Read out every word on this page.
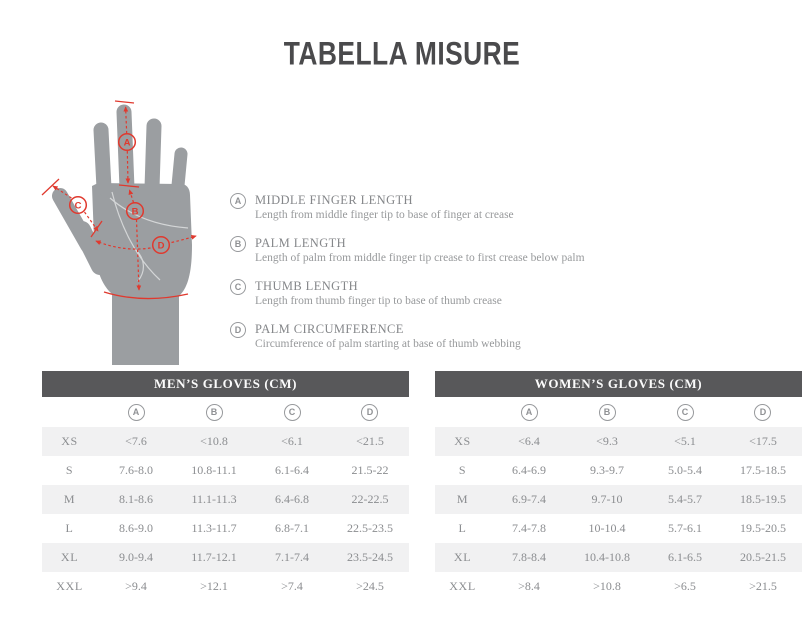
TABELLA MISURE
A
B
C
D
A	MIDDLE FINGER LENGTH
Length from middle finger tip to base of finger at crease
B	PALM LENGTH
Length of palm from middle finger tip crease to first crease below palm
C	THUMB LENGTH
Length from thumb finger tip to base of thumb crease
D	PALM CIRCUMFERENCE
Circumference of palm starting at base of thumb webbing
MEN’S GLOVES (CM)
A	B	C	D
XS	<7.6	<10.8	<6.1	<21.5
S	7.6-8.0	10.8-11.1	6.1-6.4	21.5-22
M	8.1-8.6	11.1-11.3	6.4-6.8	22-22.5
L	8.6-9.0	11.3-11.7	6.8-7.1	22.5-23.5
XL	9.0-9.4	11.7-12.1	7.1-7.4	23.5-24.5
XXL	>9.4	>12.1	>7.4	>24.5
WOMEN’S GLOVES (CM)
A	B	C	D
XS	<6.4	<9.3	<5.1	<17.5
S	6.4-6.9	9.3-9.7	5.0-5.4	17.5-18.5
M	6.9-7.4	9.7-10	5.4-5.7	18.5-19.5
L	7.4-7.8	10-10.4	5.7-6.1	19.5-20.5
XL	7.8-8.4	10.4-10.8	6.1-6.5	20.5-21.5
XXL	>8.4	>10.8	>6.5	>21.5
